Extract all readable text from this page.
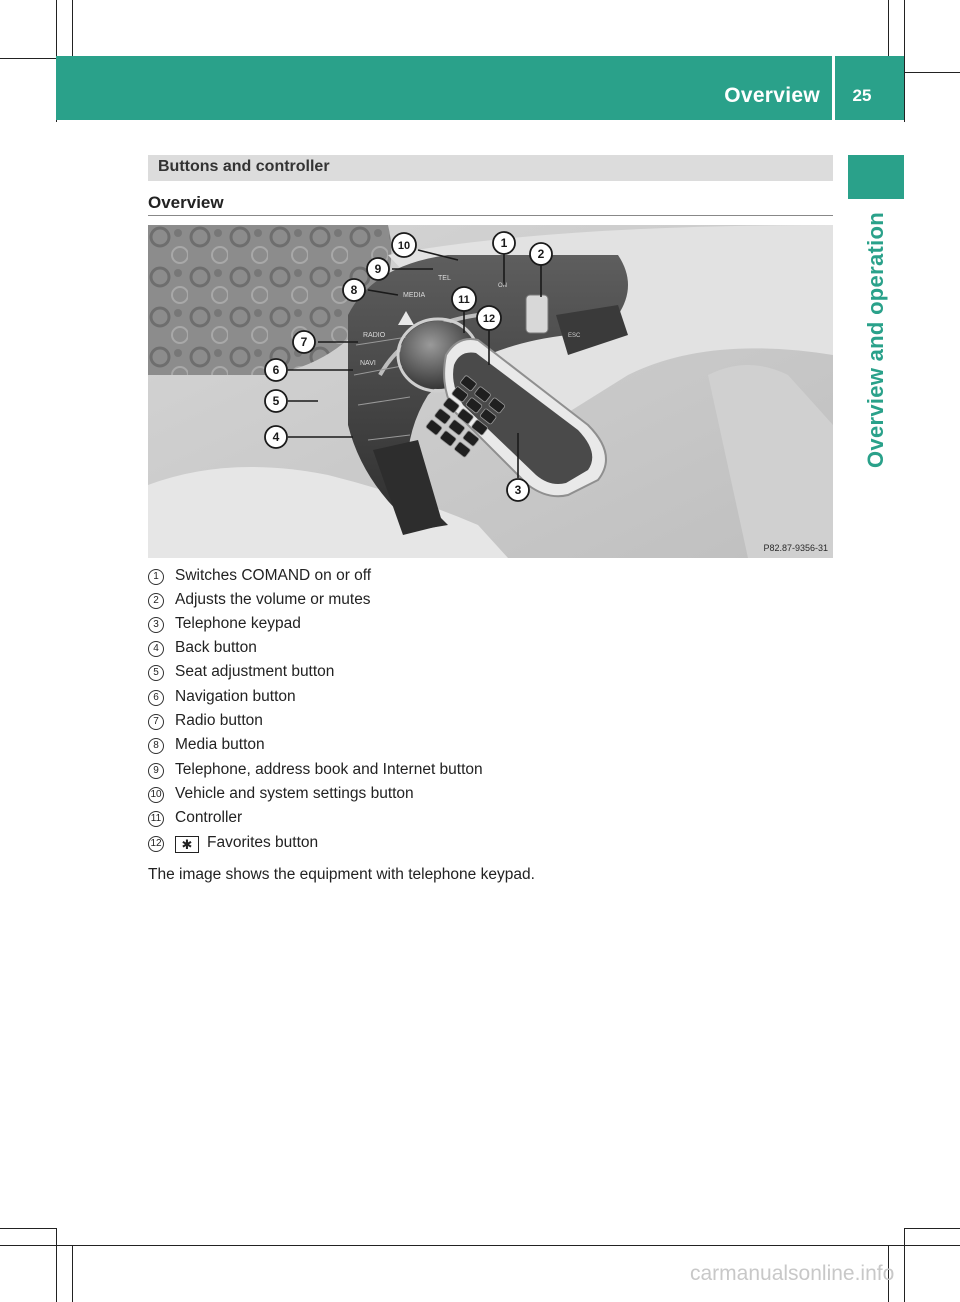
Overview	25
Overview and operation
Buttons and controller
Overview
NAVI
RADIO
MEDIA
TEL
ON
ESC
1
2
3
4
5
6
7
8
9
10
11
12
P82.87-9356-31
1 Switches COMAND on or off
2 Adjusts the volume or mutes
3 Telephone keypad
4 Back button
5 Seat adjustment button
6 Navigation button
7 Radio button
8 Media button
9 Telephone, address book and Internet button
10 Vehicle and system settings button
11 Controller
12 ✱ Favorites button
The image shows the equipment with telephone keypad.
carmanualsonline.info
